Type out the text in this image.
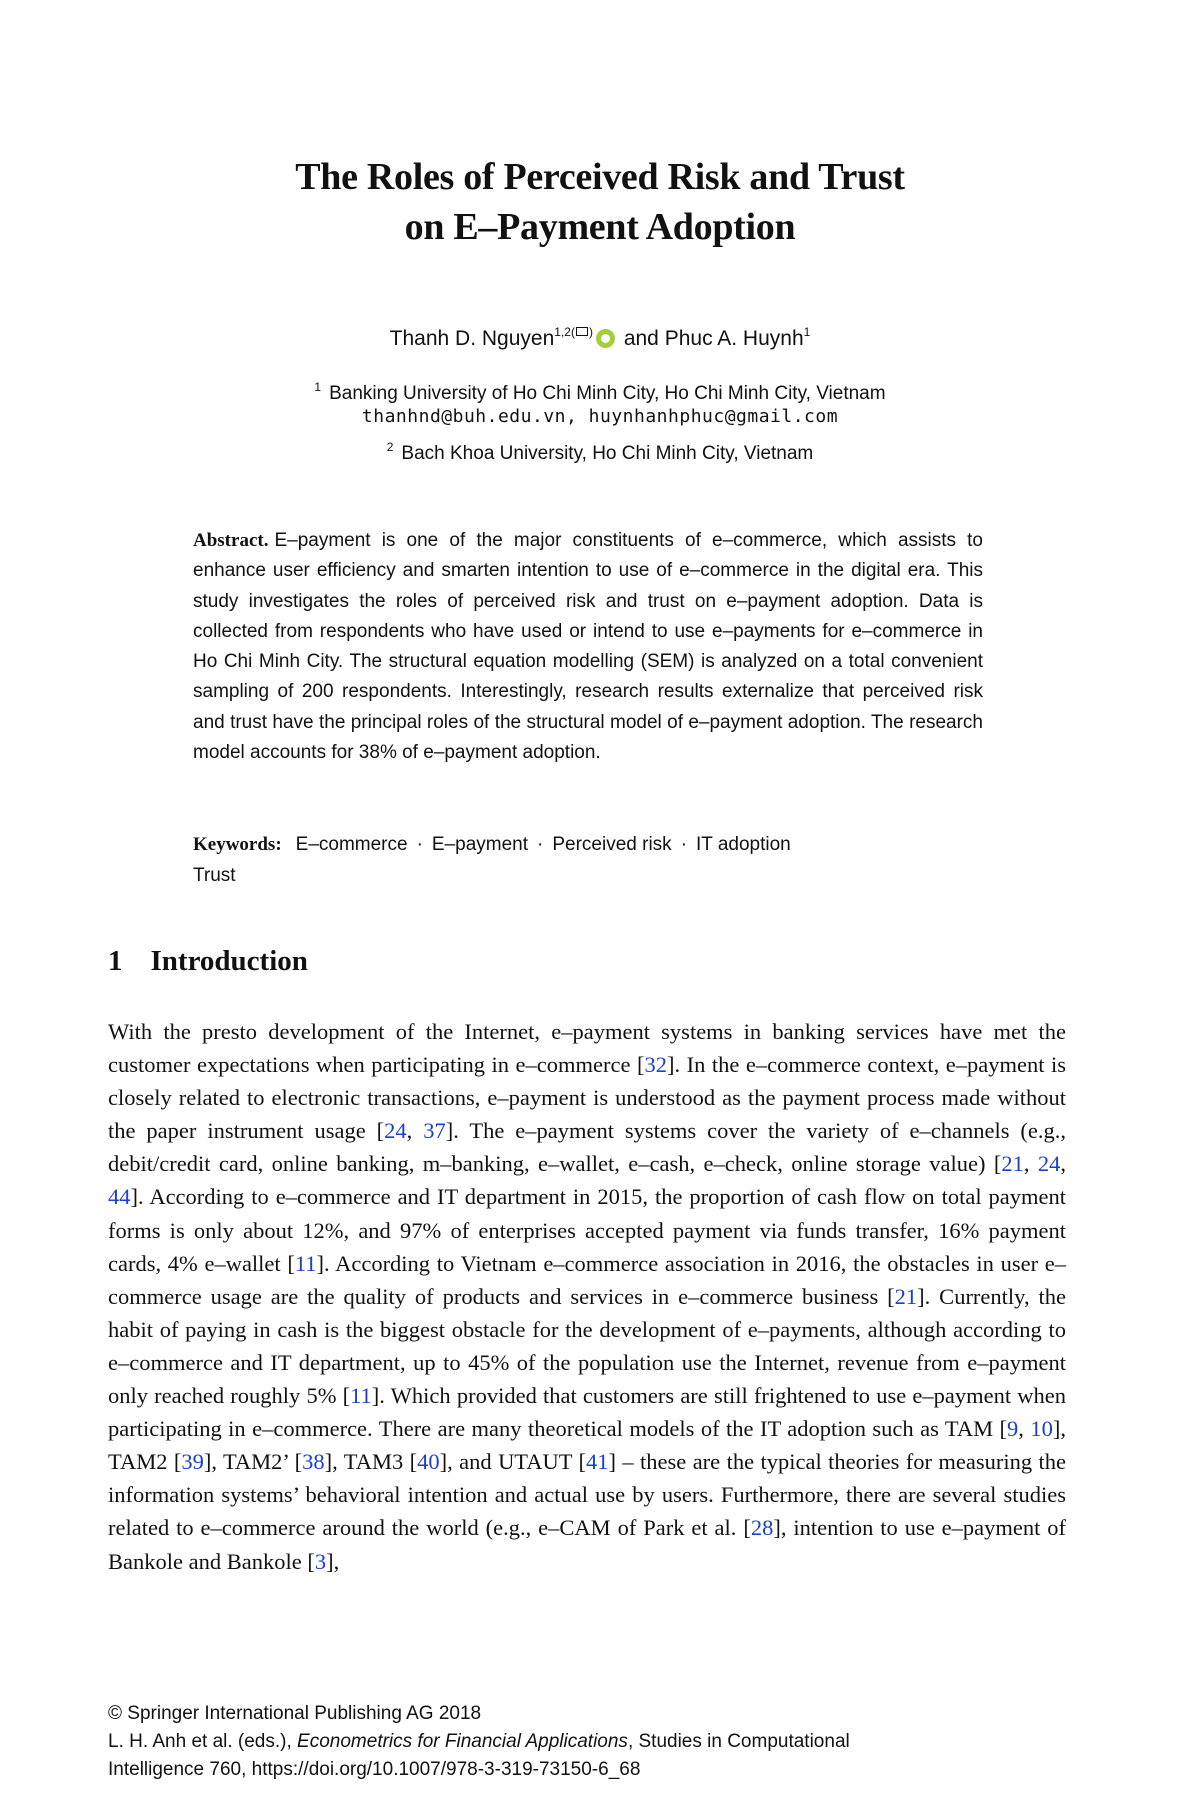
The Roles of Perceived Risk and Trust
on E–Payment Adoption
Thanh D. Nguyen$^{1,2( )}$ and Phuc A. Huynh$^1$
$^1$ Banking University of Ho Chi Minh City, Ho Chi Minh City, Vietnam
thanhnd@buh.edu.vn, huynhanhphuc@gmail.com
$^2$ Bach Khoa University, Ho Chi Minh City, Vietnam
Abstract. E–payment is one of the major constituents of e–commerce, which assists to enhance user efficiency and smarten intention to use of e–commerce in the digital era. This study investigates the roles of perceived risk and trust on e–payment adoption. Data is collected from respondents who have used or intend to use e–payments for e–commerce in Ho Chi Minh City. The structural equation modelling (SEM) is analyzed on a total convenient sampling of 200 respondents. Interestingly, research results externalize that perceived risk and trust have the principal roles of the structural model of e–payment adoption. The research model accounts for 38% of e–payment adoption.
Keywords: E–commerce · E–payment · Perceived risk · IT adoption
Trust
1 Introduction
With the presto development of the Internet, e–payment systems in banking services have met the customer expectations when participating in e–commerce [32]. In the e–commerce context, e–payment is closely related to electronic transactions, e–payment is understood as the payment process made without the paper instrument usage [24, 37]. The e–payment systems cover the variety of e–channels (e.g., debit/credit card, online banking, m–banking, e–wallet, e–cash, e–check, online storage value) [21, 24, 44]. According to e–commerce and IT department in 2015, the proportion of cash flow on total payment forms is only about 12%, and 97% of enterprises accepted payment via funds transfer, 16% payment cards, 4% e–wallet [11]. According to Vietnam e–commerce association in 2016, the obstacles in user e–commerce usage are the quality of products and services in e–commerce business [21]. Currently, the habit of paying in cash is the biggest obstacle for the development of e–payments, although according to e–commerce and IT department, up to 45% of the population use the Internet, revenue from e–payment only reached roughly 5% [11]. Which provided that customers are still frightened to use e–payment when participating in e–commerce. There are many theoretical models of the IT adoption such as TAM [9, 10], TAM2 [39], TAM2’ [38], TAM3 [40], and UTAUT [41] – these are the typical theories for measuring the information systems’ behavioral intention and actual use by users. Furthermore, there are several studies related to e–commerce around the world (e.g., e–CAM of Park et al. [28], intention to use e–payment of Bankole and Bankole [3],
© Springer International Publishing AG 2018
L. H. Anh et al. (eds.), Econometrics for Financial Applications, Studies in Computational
Intelligence 760, https://doi.org/10.1007/978-3-319-73150-6_68
